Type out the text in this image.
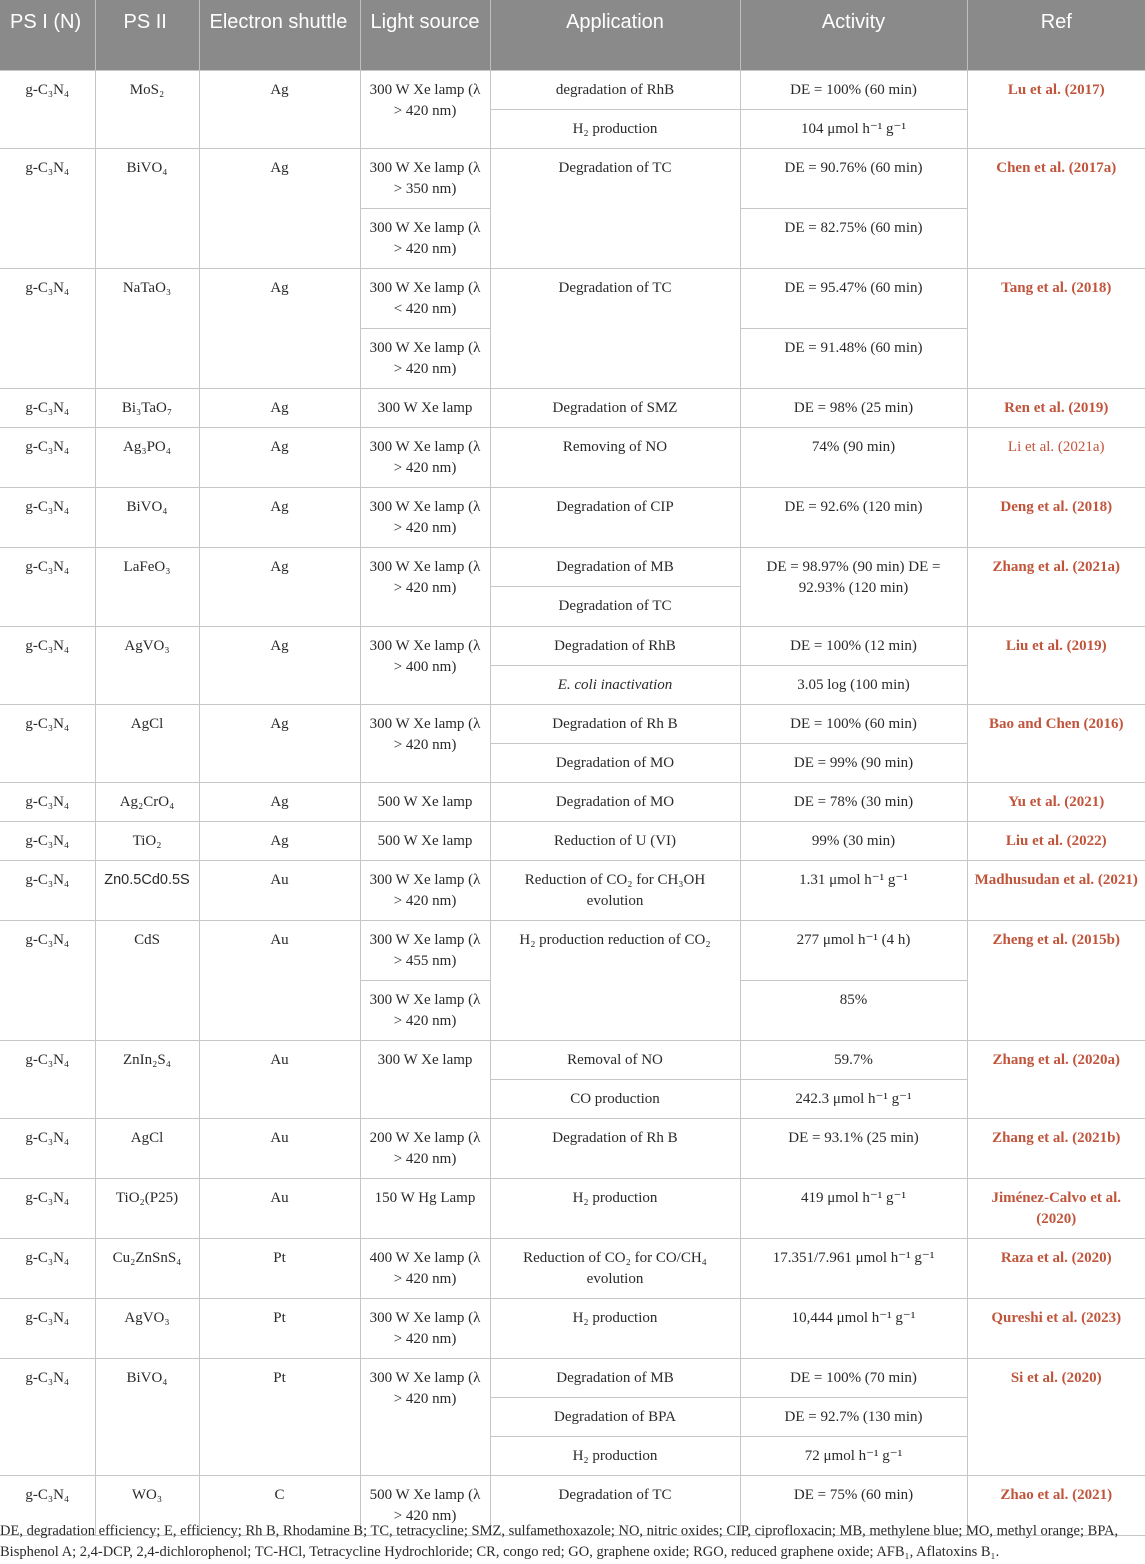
PS I (N)	PS II	Electron shuttle	Light source	Application	Activity	Ref
g-C₃N₄	MoS₂	Ag	300 W Xe lamp (λ > 420 nm)	degradation of RhB	DE = 100% (60 min)	Lu et al. (2017)
				H₂ production	104 μmol h⁻¹ g⁻¹	
g-C₃N₄	BiVO₄	Ag	300 W Xe lamp (λ > 350 nm)	Degradation of TC	DE = 90.76% (60 min)	Chen et al. (2017a)
			300 W Xe lamp (λ > 420 nm)		DE = 82.75% (60 min)	
g-C₃N₄	NaTaO₃	Ag	300 W Xe lamp (λ < 420 nm)	Degradation of TC	DE = 95.47% (60 min)	Tang et al. (2018)
			300 W Xe lamp (λ > 420 nm)		DE = 91.48% (60 min)	
g-C₃N₄	Bi₃TaO₇	Ag	300 W Xe lamp	Degradation of SMZ	DE = 98% (25 min)	Ren et al. (2019)
g-C₃N₄	Ag₃PO₄	Ag	300 W Xe lamp (λ > 420 nm)	Removing of NO	74% (90 min)	Li et al. (2021a)
g-C₃N₄	BiVO₄	Ag	300 W Xe lamp (λ > 420 nm)	Degradation of CIP	DE = 92.6% (120 min)	Deng et al. (2018)
g-C₃N₄	LaFeO₃	Ag	300 W Xe lamp (λ > 420 nm)	Degradation of MB	DE = 98.97% (90 min) DE = 92.93% (120 min)	Zhang et al. (2021a)
				Degradation of TC		
g-C₃N₄	AgVO₃	Ag	300 W Xe lamp (λ > 400 nm)	Degradation of RhB	DE = 100% (12 min)	Liu et al. (2019)
				E. coli inactivation	3.05 log (100 min)	
g-C₃N₄	AgCl	Ag	300 W Xe lamp (λ > 420 nm)	Degradation of Rh B	DE = 100% (60 min)	Bao and Chen (2016)
				Degradation of MO	DE = 99% (90 min)	
g-C₃N₄	Ag₂CrO₄	Ag	500 W Xe lamp	Degradation of MO	DE = 78% (30 min)	Yu et al. (2021)
g-C₃N₄	TiO₂	Ag	500 W Xe lamp	Reduction of U (VI)	99% (30 min)	Liu et al. (2022)
g-C₃N₄	Zn0.5Cd0.5S	Au	300 W Xe lamp (λ > 420 nm)	Reduction of CO₂ for CH₃OH evolution	1.31 μmol h⁻¹ g⁻¹	Madhusudan et al. (2021)
g-C₃N₄	CdS	Au	300 W Xe lamp (λ > 455 nm)	H₂ production reduction of CO₂	277 μmol h⁻¹ (4 h)	Zheng et al. (2015b)
			300 W Xe lamp (λ > 420 nm)		85%	
g-C₃N₄	ZnIn₂S₄	Au	300 W Xe lamp	Removal of NO	59.7%	Zhang et al. (2020a)
				CO production	242.3 μmol h⁻¹ g⁻¹	
g-C₃N₄	AgCl	Au	200 W Xe lamp (λ > 420 nm)	Degradation of Rh B	DE = 93.1% (25 min)	Zhang et al. (2021b)
g-C₃N₄	TiO₂(P25)	Au	150 W Hg Lamp	H₂ production	419 μmol h⁻¹ g⁻¹	Jiménez-Calvo et al. (2020)
g-C₃N₄	Cu₂ZnSnS₄	Pt	400 W Xe lamp (λ > 420 nm)	Reduction of CO₂ for CO/CH₄ evolution	17.351/7.961 μmol h⁻¹ g⁻¹	Raza et al. (2020)
g-C₃N₄	AgVO₃	Pt	300 W Xe lamp (λ > 420 nm)	H₂ production	10,444 μmol h⁻¹ g⁻¹	Qureshi et al. (2023)
g-C₃N₄	BiVO₄	Pt	300 W Xe lamp (λ > 420 nm)	Degradation of MB	DE = 100% (70 min)	Si et al. (2020)
				Degradation of BPA	DE = 92.7% (130 min)	
				H₂ production	72 μmol h⁻¹ g⁻¹	
g-C₃N₄	WO₃	C	500 W Xe lamp (λ > 420 nm)	Degradation of TC	DE = 75% (60 min)	Zhao et al. (2021)
DE, degradation efficiency; E, efficiency; Rh B, Rhodamine B; TC, tetracycline; SMZ, sulfamethoxazole; NO, nitric oxides; CIP, ciprofloxacin; MB, methylene blue; MO, methyl orange; BPA, Bisphenol A; 2,4-DCP, 2,4-dichlorophenol; TC-HCl, Tetracycline Hydrochloride; CR, congo red; GO, graphene oxide; RGO, reduced graphene oxide; AFB₁, Aflatoxins B₁.
